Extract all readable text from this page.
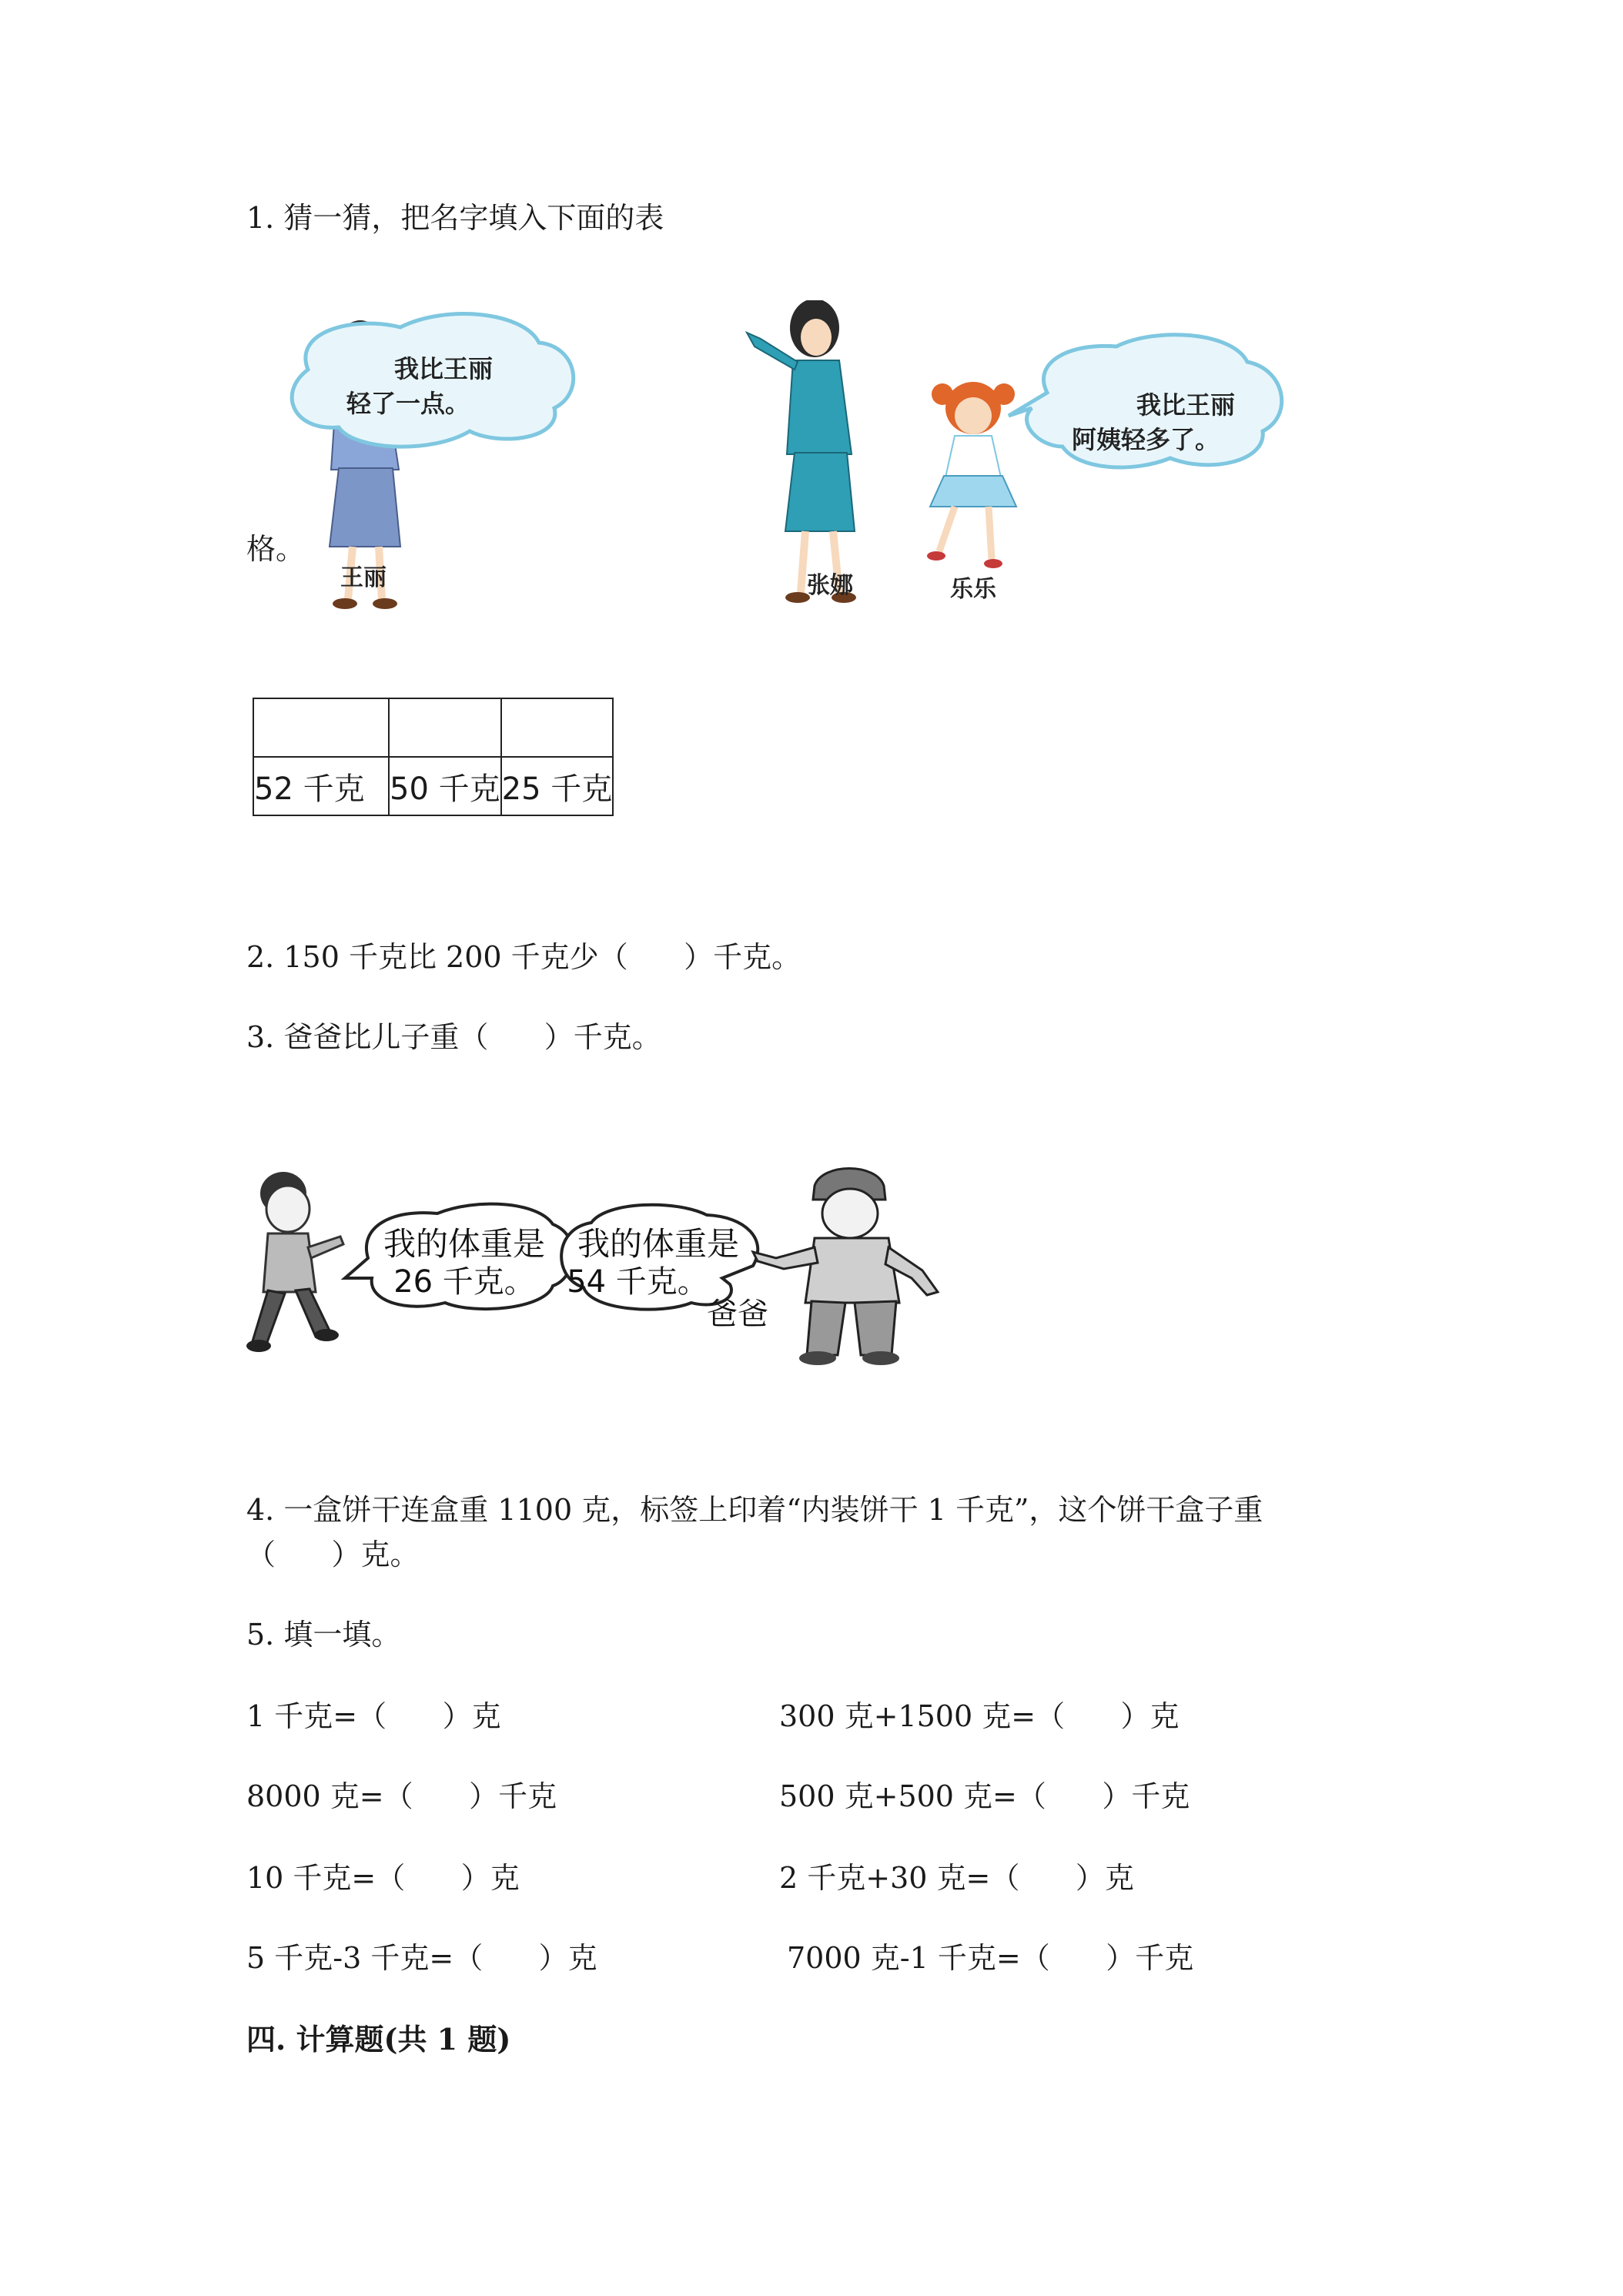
1. 猜一猜，把名字填入下面的表
王丽
我比王丽
轻了一点。
张娜	乐乐
我比王丽
阿姨轻多了。
格。

52 千克	50 千克	25 千克
2. 150 千克比 200 千克少（      ）千克。
3. 爸爸比儿子重（      ）千克。
我的体重是
26 千克。
我的体重是
54 千克。
爸爸
4. 一盒饼干连盒重 1100 克，标签上印着“内装饼干 1 千克”，这个饼干盒子重
（      ）克。
5. 填一填。
1 千克=（      ）克	300 克+1500 克=（      ）克
8000 克=（      ）千克	500 克+500 克=（      ）千克
10 千克=（      ）克	2 千克+30 克=（      ）克
5 千克-3 千克=（      ）克	7000 克-1 千克=（      ）千克
四. 计算题(共 1 题)
